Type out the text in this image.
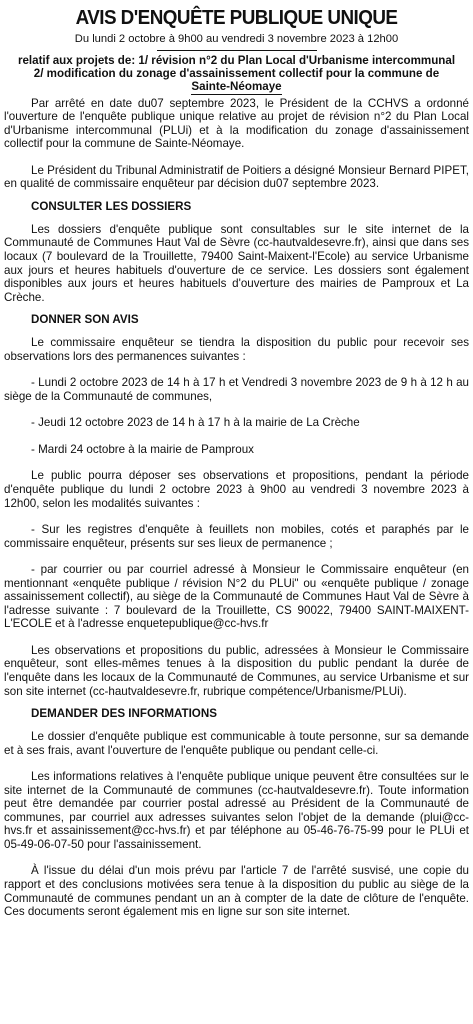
AVIS D'ENQUÊTE PUBLIQUE UNIQUE
Du lundi 2 octobre à 9h00 au vendredi 3 novembre 2023 à 12h00
relatif aux projets de: 1/ révision n°2 du Plan Local d'Urbanisme intercommunal
2/ modification du zonage d'assainissement collectif pour la commune de
Sainte-Néomaye

Par arrêté en date du07 septembre 2023, le Président de la CCHVS a ordonné l'ouverture de l'enquête publique unique relative au projet de révision n°2 du Plan Local d'Urbanisme intercommunal (PLUi) et à la modification du zonage d'assainissement collectif pour la commune de Sainte-Néomaye.

Le Président du Tribunal Administratif de Poitiers a désigné Monsieur Bernard PIPET, en qualité de commissaire enquêteur par décision du07 septembre 2023.

CONSULTER LES DOSSIERS

Les dossiers d'enquête publique sont consultables sur le site internet de la Communauté de Communes Haut Val de Sèvre (cc-hautvaldesevre.fr), ainsi que dans ses locaux (7 boulevard de la Trouillette, 79400 Saint-Maixent-l'Ecole) au service Urbanisme aux jours et heures habituels d'ouverture de ce service. Les dossiers sont également disponibles aux jours et heures habituels d'ouverture des mairies de Pamproux et La Crèche.

DONNER SON AVIS

Le commissaire enquêteur se tiendra la disposition du public pour recevoir ses observations lors des permanences suivantes :

- Lundi 2 octobre 2023 de 14 h à 17 h et Vendredi 3 novembre 2023 de 9 h à 12 h au siège de la Communauté de communes,

- Jeudi 12 octobre 2023 de 14 h à 17 h à la mairie de La Crèche

- Mardi 24 octobre à la mairie de Pamproux

Le public pourra déposer ses observations et propositions, pendant la période d'enquête publique du lundi 2 octobre 2023 à 9h00 au vendredi 3 novembre 2023 à 12h00, selon les modalités suivantes :

- Sur les registres d'enquête à feuillets non mobiles, cotés et paraphés par le commissaire enquêteur, présents sur ses lieux de permanence ;

- par courrier ou par courriel adressé à Monsieur le Commissaire enquêteur (en mentionnant «enquête publique / révision N°2 du PLUi" ou «enquête publique / zonage assainissement collectif), au siège de la Communauté de Communes Haut Val de Sèvre à l'adresse suivante : 7 boulevard de la Trouillette, CS 90022, 79400 SAINT-MAIXENT-L'ECOLE et à l'adresse enquetepublique@cc-hvs.fr

Les observations et propositions du public, adressées à Monsieur le Commissaire enquêteur, sont elles-mêmes tenues à la disposition du public pendant la durée de l'enquête dans les locaux de la Communauté de Communes, au service Urbanisme et sur son site internet (cc-hautvaldesevre.fr, rubrique compétence/Urbanisme/PLUi).

DEMANDER DES INFORMATIONS

Le dossier d'enquête publique est communicable à toute personne, sur sa demande et à ses frais, avant l'ouverture de l'enquête publique ou pendant celle-ci.

Les informations relatives à l'enquête publique unique peuvent être consultées sur le site internet de la Communauté de communes (cc-hautvaldesevre.fr). Toute information peut être demandée par courrier postal adressé au Président de la Communauté de communes, par courriel aux adresses suivantes selon l'objet de la demande (plui@cc-hvs.fr et assainissement@cc-hvs.fr) et par téléphone au 05-46-76-75-99 pour le PLUi et 05-49-06-07-50 pour l'assainissement.

À l'issue du délai d'un mois prévu par l'article 7 de l'arrêté susvisé, une copie du rapport et des conclusions motivées sera tenue à la disposition du public au siège de la Communauté de communes pendant un an à compter de la date de clôture de l'enquête. Ces documents seront également mis en ligne sur son site internet.
